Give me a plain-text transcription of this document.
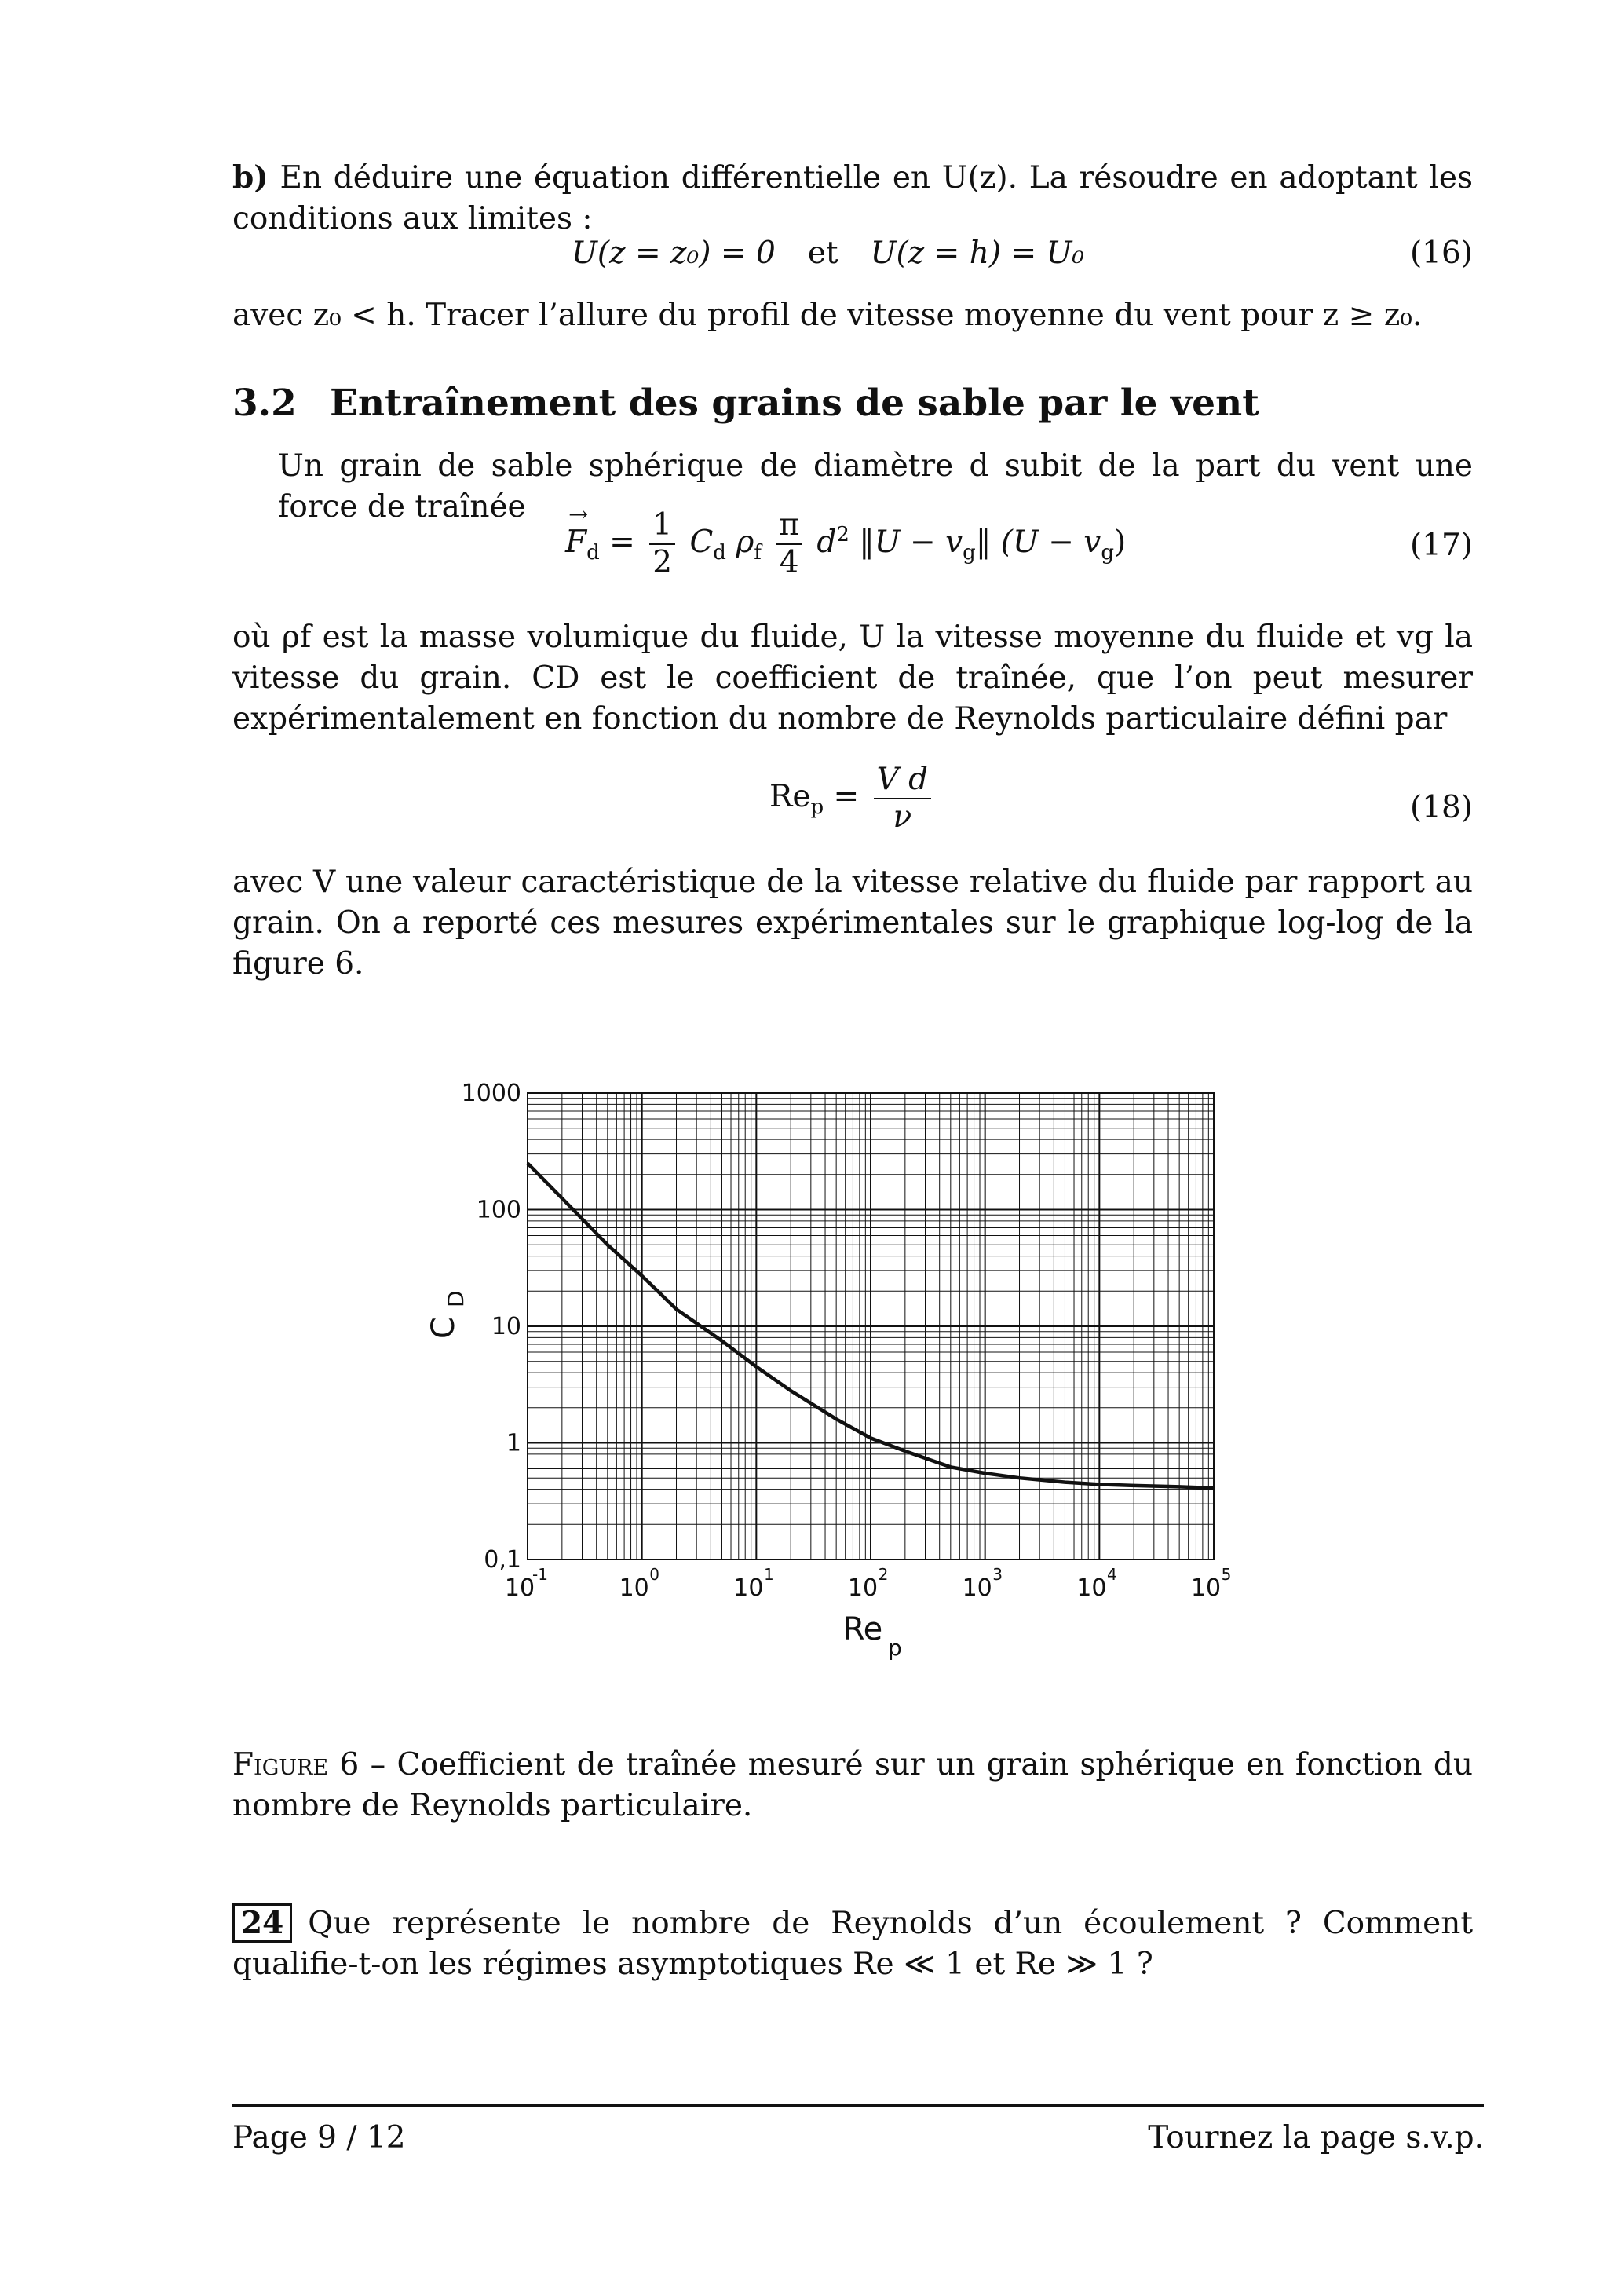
b) En déduire une équation différentielle en U(z). La résoudre en adoptant les conditions aux limites :
U(z = z₀) = 0 et U(z = h) = U₀	(16)
avec z₀ < h. Tracer l’allure du profil de vitesse moyenne du vent pour z ≥ z₀.
3.2 Entraînement des grains de sable par le vent
Un grain de sable sphérique de diamètre d subit de la part du vent une force de traînée
→ $F_d = \frac{1}{2} C_d$ $\rho_f \frac{\pi}{4} d^2$ ‖U − $v_g‖$ $(U - v_g)$	(17)
où ρf est la masse volumique du fluide, U la vitesse moyenne du fluide et vg la vitesse du grain. CD est le coefficient de traînée, que l’on peut mesurer expérimentalement en fonction du nombre de Reynolds particulaire défini par
$Re_p = \frac{\text{V d}}{\nu}$	(18)
avec V une valeur caractéristique de la vitesse relative du fluide par rapport au grain. On a reporté ces mesures expérimentales sur le graphique log-log de la figure 6.
0,1
1
10
100
1000
10
-1	10 0	10 1	10 2	10 3	10 4	10 5
C
D
Re
p
Figure 6 – Coefficient de traînée mesuré sur un grain sphérique en fonction du nombre de Reynolds particulaire.
24 Que représente le nombre de Reynolds d’un écoulement ? Comment qualifie-t-on les régimes asymptotiques Re ≪ 1 et Re ≫ 1 ?
Page 9 / 12	Tournez la page s.v.p.
